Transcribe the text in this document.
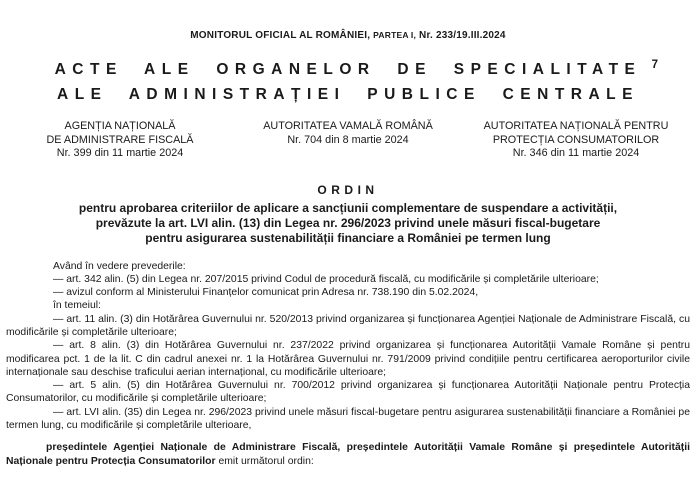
MONITORUL OFICIAL AL ROMÂNIEI, PARTEA I, Nr. 233/19.III.2024
7
ACTE ALE ORGANELOR DE SPECIALITATE
ALE ADMINISTRAȚIEI PUBLICE CENTRALE
AGENȚIA NAȚIONALĂ
DE ADMINISTRARE FISCALĂ
Nr. 399 din 11 martie 2024
AUTORITATEA VAMALĂ ROMÂNĂ
Nr. 704 din 8 martie 2024
AUTORITATEA NAȚIONALĂ PENTRU
PROTECȚIA CONSUMATORILOR
Nr. 346 din 11 martie 2024
ORDIN
pentru aprobarea criteriilor de aplicare a sancțiunii complementare de suspendare a activității,
prevăzute la art. LVI alin. (13) din Legea nr. 296/2023 privind unele măsuri fiscal-bugetare
pentru asigurarea sustenabilității financiare a României pe termen lung

Având în vedere prevederile:

— art. 342 alin. (5) din Legea nr. 207/2015 privind Codul de procedură fiscală, cu modificările și completările ulterioare;

— avizul conform al Ministerului Finanțelor comunicat prin Adresa nr. 738.190 din 5.02.2024,

în temeiul:

— art. 11 alin. (3) din Hotărârea Guvernului nr. 520/2013 privind organizarea și funcționarea Agenției Naționale de Administrare Fiscală, cu modificările și completările ulterioare;

— art. 8 alin. (3) din Hotărârea Guvernului nr. 237/2022 privind organizarea și funcționarea Autorității Vamale Române și pentru modificarea pct. 1 de la lit. C din cadrul anexei nr. 1 la Hotărârea Guvernului nr. 791/2009 privind condițiile pentru certificarea aeroporturilor civile internaționale sau deschise traficului aerian internațional, cu modificările ulterioare;

— art. 5 alin. (5) din Hotărârea Guvernului nr. 700/2012 privind organizarea și funcționarea Autorității Naționale pentru Protecția Consumatorilor, cu modificările și completările ulterioare;

— art. LVI alin. (35) din Legea nr. 296/2023 privind unele măsuri fiscal-bugetare pentru asigurarea sustenabilității financiare a României pe termen lung, cu modificările și completările ulterioare,

președintele Agenției Naționale de Administrare Fiscală, președintele Autorității Vamale Române și președintele Autorității Naționale pentru Protecția Consumatorilor emit următorul ordin:
